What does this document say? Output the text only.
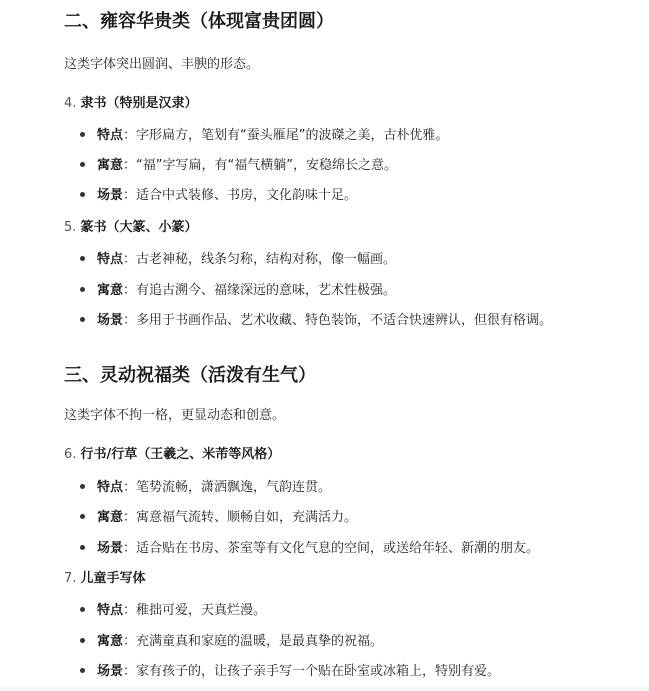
二、雍容华贵类（体现富贵团圆）

这类字体突出圆润、丰腴的形态。

4. 隶书（特别是汉隶）
特点：字形扁方，笔划有“蚕头雁尾”的波磔之美，古朴优雅。
寓意：“福”字写扁，有“福气横躺”，安稳绵长之意。
场景：适合中式装修、书房，文化韵味十足。
5. 篆书（大篆、小篆）
特点：古老神秘，线条匀称，结构对称，像一幅画。
寓意：有追古溯今、福缘深远的意味，艺术性极强。
场景：多用于书画作品、艺术收藏、特色装饰，不适合快速辨认，但很有格调。
三、灵动祝福类（活泼有生气）

这类字体不拘一格，更显动态和创意。

6. 行书/行草（王羲之、米芾等风格）
特点：笔势流畅，潇洒飘逸，气韵连贯。
寓意：寓意福气流转、顺畅自如，充满活力。
场景：适合贴在书房、茶室等有文化气息的空间，或送给年轻、新潮的朋友。
7. 儿童手写体
特点：稚拙可爱，天真烂漫。
寓意：充满童真和家庭的温暖，是最真挚的祝福。
场景：家有孩子的，让孩子亲手写一个贴在卧室或冰箱上，特别有爱。
